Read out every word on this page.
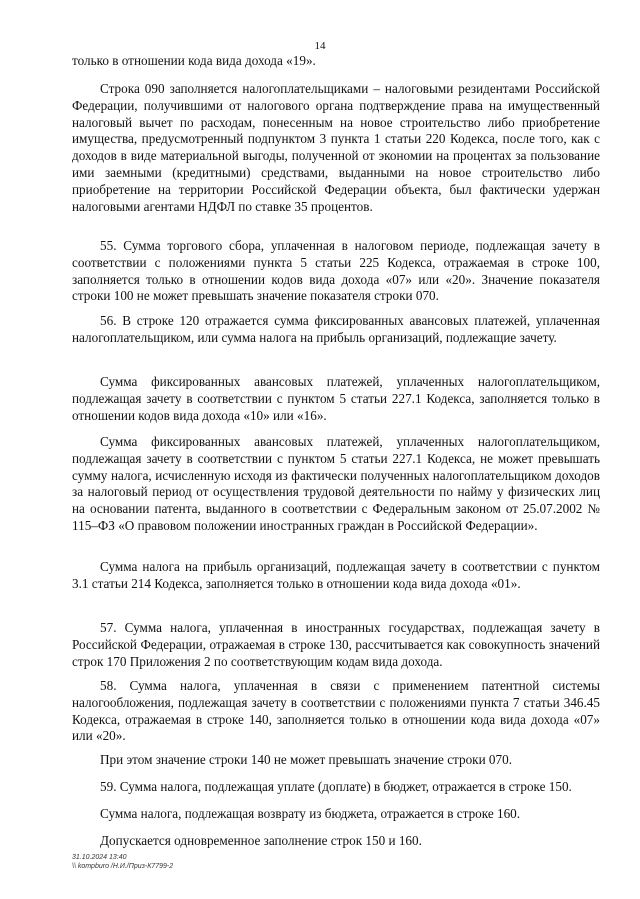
14

только в отношении кода вида дохода «19».

Строка 090 заполняется налогоплательщиками – налоговыми резидентами Российской Федерации, получившими от налогового органа подтверждение права на имущественный налоговый вычет по расходам, понесенным на новое строительство либо приобретение имущества, предусмотренный подпунктом 3 пункта 1 статьи 220 Кодекса, после того, как с доходов в виде материальной выгоды, полученной от экономии на процентах за пользование ими заемными (кредитными) средствами, выданными на новое строительство либо приобретение на территории Российской Федерации объекта, был фактически удержан налоговыми агентами НДФЛ по ставке 35 процентов.

55. Сумма торгового сбора, уплаченная в налоговом периоде, подлежащая зачету в соответствии с положениями пункта 5 статьи 225 Кодекса, отражаемая в строке 100, заполняется только в отношении кодов вида дохода «07» или «20». Значение показателя строки 100 не может превышать значение показателя строки 070.

56. В строке 120 отражается сумма фиксированных авансовых платежей, уплаченная налогоплательщиком, или сумма налога на прибыль организаций, подлежащие зачету.

Сумма фиксированных авансовых платежей, уплаченных налогоплательщиком, подлежащая зачету в соответствии с пунктом 5 статьи 227.1 Кодекса, заполняется только в отношении кодов вида дохода «10» или «16».

Сумма фиксированных авансовых платежей, уплаченных налогоплательщиком, подлежащая зачету в соответствии с пунктом 5 статьи 227.1 Кодекса, не может превышать сумму налога, исчисленную исходя из фактически полученных налогоплательщиком доходов за налоговый период от осуществления трудовой деятельности по найму у физических лиц на основании патента, выданного в соответствии с Федеральным законом от 25.07.2002 № 115–ФЗ «О правовом положении иностранных граждан в Российской Федерации».

Сумма налога на прибыль организаций, подлежащая зачету в соответствии с пунктом 3.1 статьи 214 Кодекса, заполняется только в отношении кода вида дохода «01».

57. Сумма налога, уплаченная в иностранных государствах, подлежащая зачету в Российской Федерации, отражаемая в строке 130, рассчитывается как совокупность значений строк 170 Приложения 2 по соответствующим кодам вида дохода.

58. Сумма налога, уплаченная в связи с применением патентной системы налогообложения, подлежащая зачету в соответствии с положениями пункта 7 статьи 346.45 Кодекса, отражаемая в строке 140, заполняется только в отношении кода вида дохода «07» или «20».

При этом значение строки 140 не может превышать значение строки 070.

59. Сумма налога, подлежащая уплате (доплате) в бюджет, отражается в строке 150.

Сумма налога, подлежащая возврату из бюджета, отражается в строке 160.

Допускается одновременное заполнение строк 150 и 160.

31.10.2024 13:40
\\ kompburo /Н.И./Приз-К7799-2
